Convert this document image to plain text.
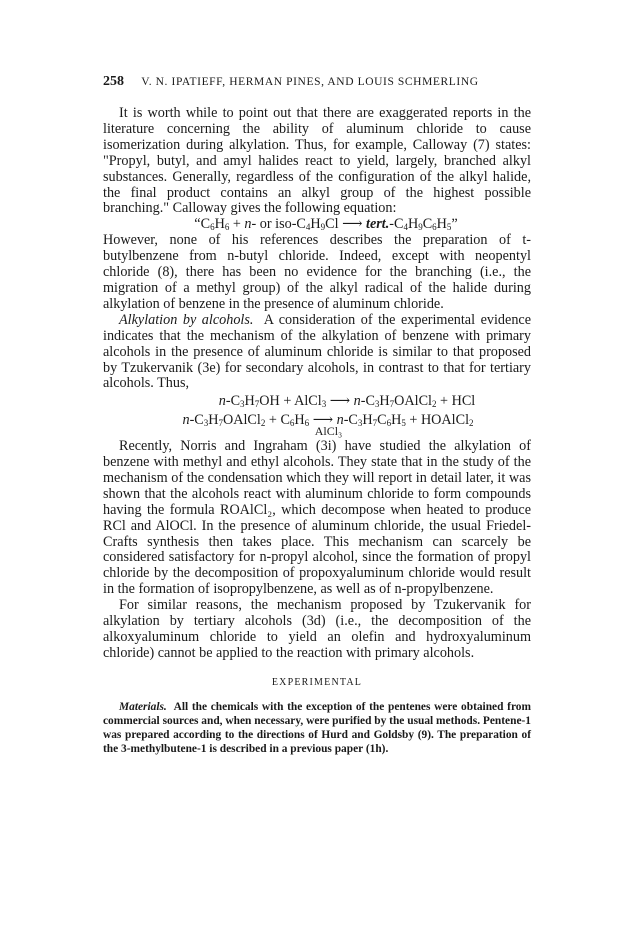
258 V. N. IPATIEFF, HERMAN PINES, AND LOUIS SCHMERLING

It is worth while to point out that there are exaggerated reports in the literature concerning the ability of aluminum chloride to cause isomerization during alkylation. Thus, for example, Calloway (7) states: "Propyl, butyl, and amyl halides react to yield, largely, branched alkyl substances. Generally, regardless of the configuration of the alkyl halide, the final product contains an alkyl group of the highest possible branching." Calloway gives the following equation:

“$C_6H_6 + n-$ or iso-$C_4H_9Cl$ ⟶ $tert.-C_4H_9C_6H_5$”

However, none of his references describes the preparation of t-butylbenzene from n-butyl chloride. Indeed, except with neopentyl chloride (8), there has been no evidence for the branching (i.e., the migration of a methyl group) of the alkyl radical of the halide during alkylation of benzene in the presence of aluminum chloride.

Alkylation by alcohols. A consideration of the experimental evidence indicates that the mechanism of the alkylation of benzene with primary alcohols in the presence of aluminum chloride is similar to that proposed by Tzukervanik (3e) for secondary alcohols, in contrast to that for tertiary alcohols. Thus,

$n-C_3H_7OH$ + AlCl$_3$ ⟶ $n-C_3H_7OAlCl_2$ + HCl
$n-C_3H_7OAlCl_2 + C_6H_6$ ⟶
AlCl₃
$n-C_3H_7C_6H_5$ + HOAlCl$_2$

Recently, Norris and Ingraham (3i) have studied the alkylation of benzene with methyl and ethyl alcohols. They state that in the study of the mechanism of the condensation which they will report in detail later, it was shown that the alcohols react with aluminum chloride to form compounds having the formula ROAlCl₂, which decompose when heated to produce RCl and AlOCl. In the presence of aluminum chloride, the usual Friedel-Crafts synthesis then takes place. This mechanism can scarcely be considered satisfactory for n-propyl alcohol, since the formation of propyl chloride by the decomposition of propoxyaluminum chloride would result in the formation of isopropylbenzene, as well as of n-propylbenzene.

For similar reasons, the mechanism proposed by Tzukervanik for alkylation by tertiary alcohols (3d) (i.e., the decomposition of the alkoxyaluminum chloride to yield an olefin and hydroxyaluminum chloride) cannot be applied to the reaction with primary alcohols.

EXPERIMENTAL

Materials. All the chemicals with the exception of the pentenes were obtained from commercial sources and, when necessary, were purified by the usual methods. Pentene-1 was prepared according to the directions of Hurd and Goldsby (9). The preparation of the 3-methylbutene-1 is described in a previous paper (1h).
